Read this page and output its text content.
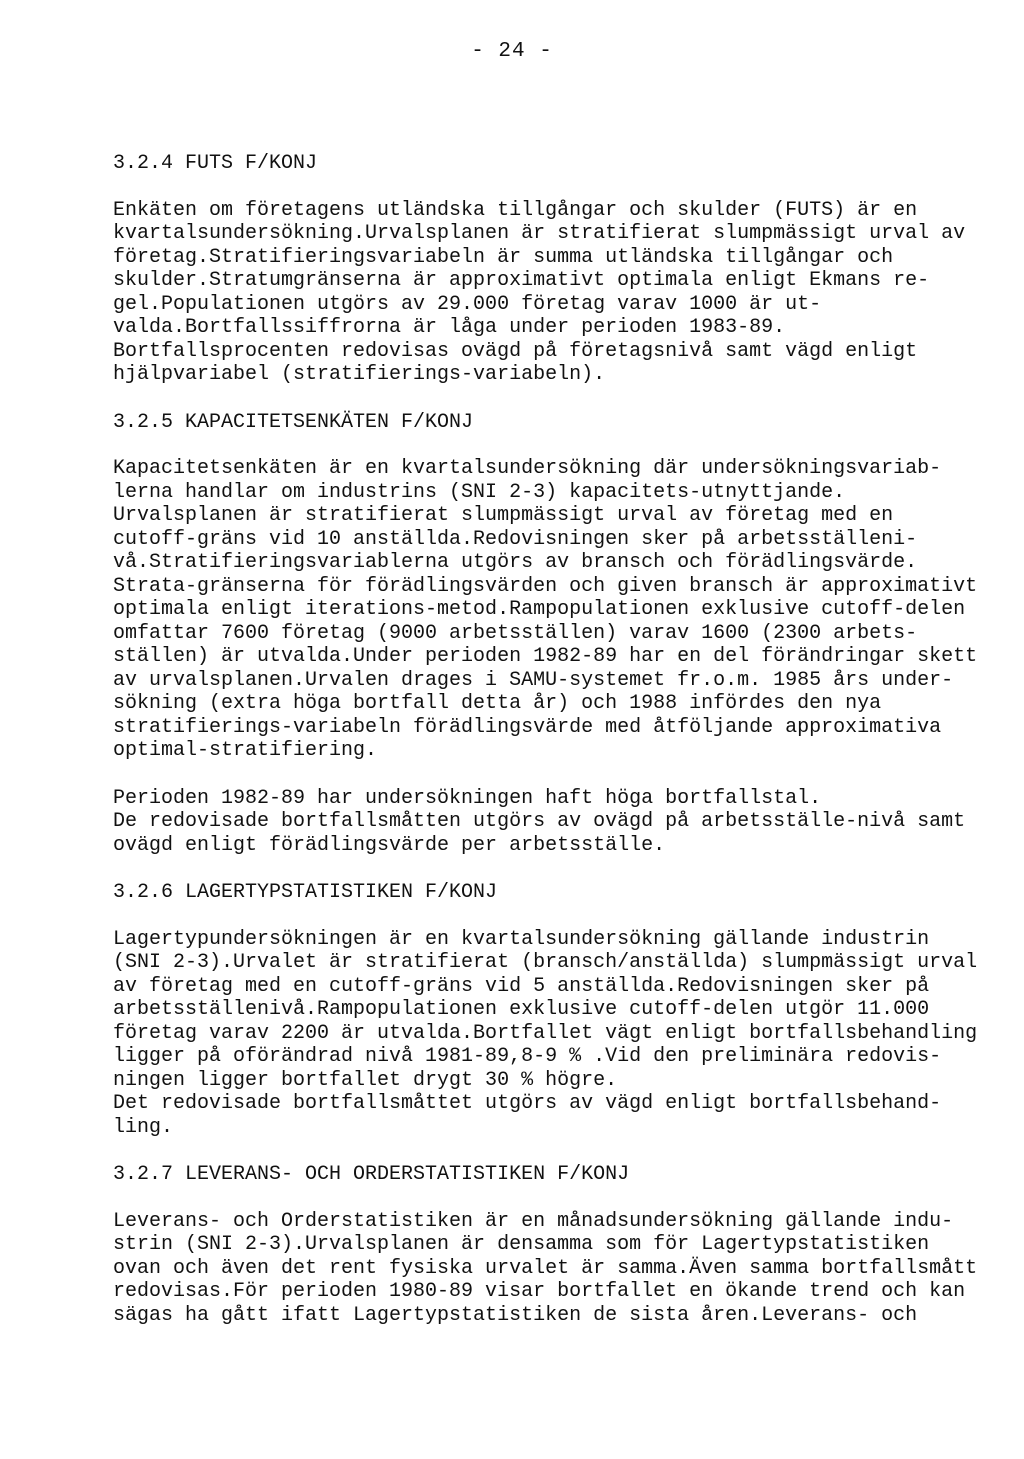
- 24 -
3.2.4 FUTS F/KONJ
Enkäten om företagens utländska tillgångar och skulder (FUTS) är en
kvartalsundersökning.Urvalsplanen är stratifierat slumpmässigt urval av
företag.Stratifieringsvariabeln är summa utländska tillgångar och
skulder.Stratumgränserna är approximativt optimala enligt Ekmans re-
gel.Populationen utgörs av 29.000 företag varav 1000 är ut-
valda.Bortfallssiffrorna är låga under perioden 1983-89.
Bortfallsprocenten redovisas ovägd på företagsnivå samt vägd enligt
hjälpvariabel (stratifierings-variabeln).
3.2.5 KAPACITETSENKÄTEN F/KONJ
Kapacitetsenkäten är en kvartalsundersökning där undersökningsvariab-
lerna handlar om industrins (SNI 2-3) kapacitets-utnyttjande.
Urvalsplanen är stratifierat slumpmässigt urval av företag med en
cutoff-gräns vid 10 anställda.Redovisningen sker på arbetsställeni-
vå.Stratifieringsvariablerna utgörs av bransch och förädlingsvärde.
Strata-gränserna för förädlingsvärden och given bransch är approximativt
optimala enligt iterations-metod.Rampopulationen exklusive cutoff-delen
omfattar 7600 företag (9000 arbetsställen) varav 1600 (2300 arbets-
ställen) är utvalda.Under perioden 1982-89 har en del förändringar skett
av urvalsplanen.Urvalen drages i SAMU-systemet fr.o.m. 1985 års under-
sökning (extra höga bortfall detta år) och 1988 infördes den nya
stratifierings-variabeln förädlingsvärde med åtföljande approximativa
optimal-stratifiering.
Perioden 1982-89 har undersökningen haft höga bortfallstal.
De redovisade bortfallsmåtten utgörs av ovägd på arbetsställe-nivå samt
ovägd enligt förädlingsvärde per arbetsställe.
3.2.6 LAGERTYPSTATISTIKEN F/KONJ
Lagertypundersökningen är en kvartalsundersökning gällande industrin
(SNI 2-3).Urvalet är stratifierat (bransch/anställda) slumpmässigt urval
av företag med en cutoff-gräns vid 5 anställda.Redovisningen sker på
arbetsställenivå.Rampopulationen exklusive cutoff-delen utgör 11.000
företag varav 2200 är utvalda.Bortfallet vägt enligt bortfallsbehandling
ligger på oförändrad nivå 1981-89,8-9 % .Vid den preliminära redovis-
ningen ligger bortfallet drygt 30 % högre.
Det redovisade bortfallsmåttet utgörs av vägd enligt bortfallsbehand-
ling.
3.2.7 LEVERANS- OCH ORDERSTATISTIKEN F/KONJ
Leverans- och Orderstatistiken är en månadsundersökning gällande indu-
strin (SNI 2-3).Urvalsplanen är densamma som för Lagertypstatistiken
ovan och även det rent fysiska urvalet är samma.Även samma bortfallsmått
redovisas.För perioden 1980-89 visar bortfallet en ökande trend och kan
sägas ha gått ifatt Lagertypstatistiken de sista åren.Leverans- och
